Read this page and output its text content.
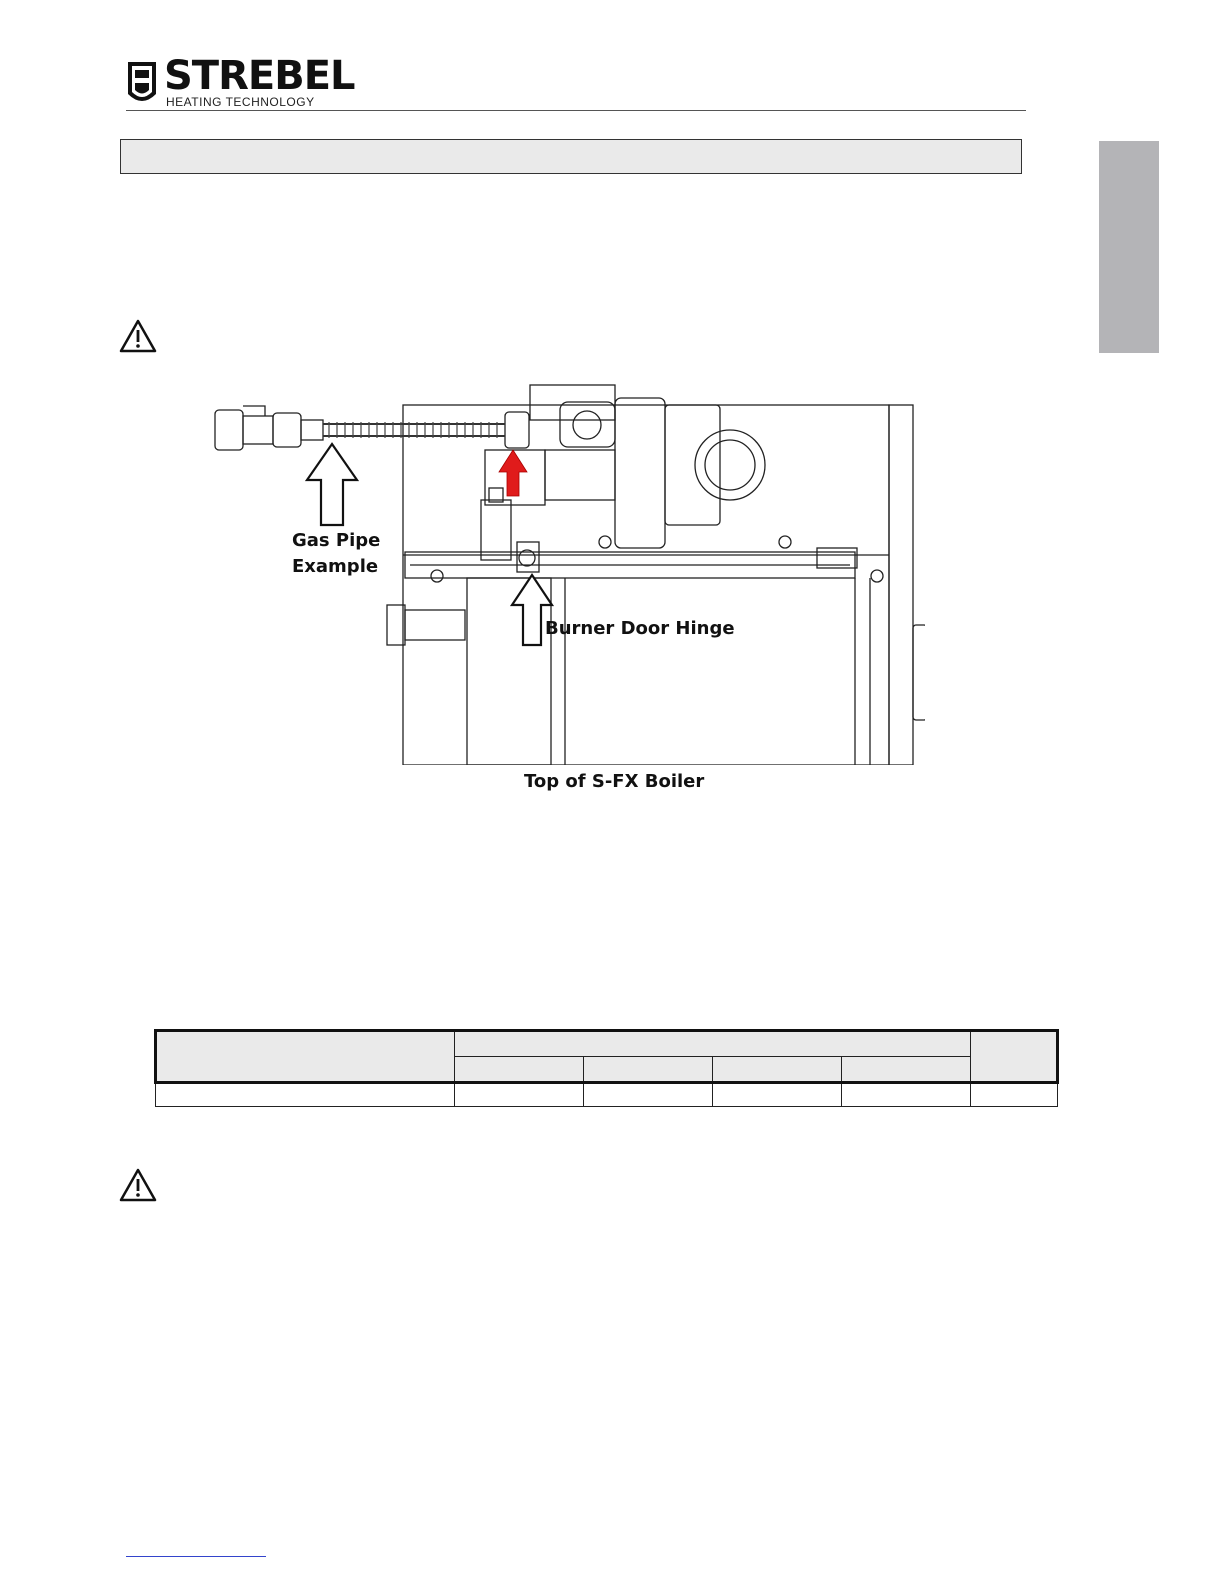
STREBEL
HEATING TECHNOLOGY
Gas Pipe
Example
Burner Door Hinge
Top of S-FX Boiler
